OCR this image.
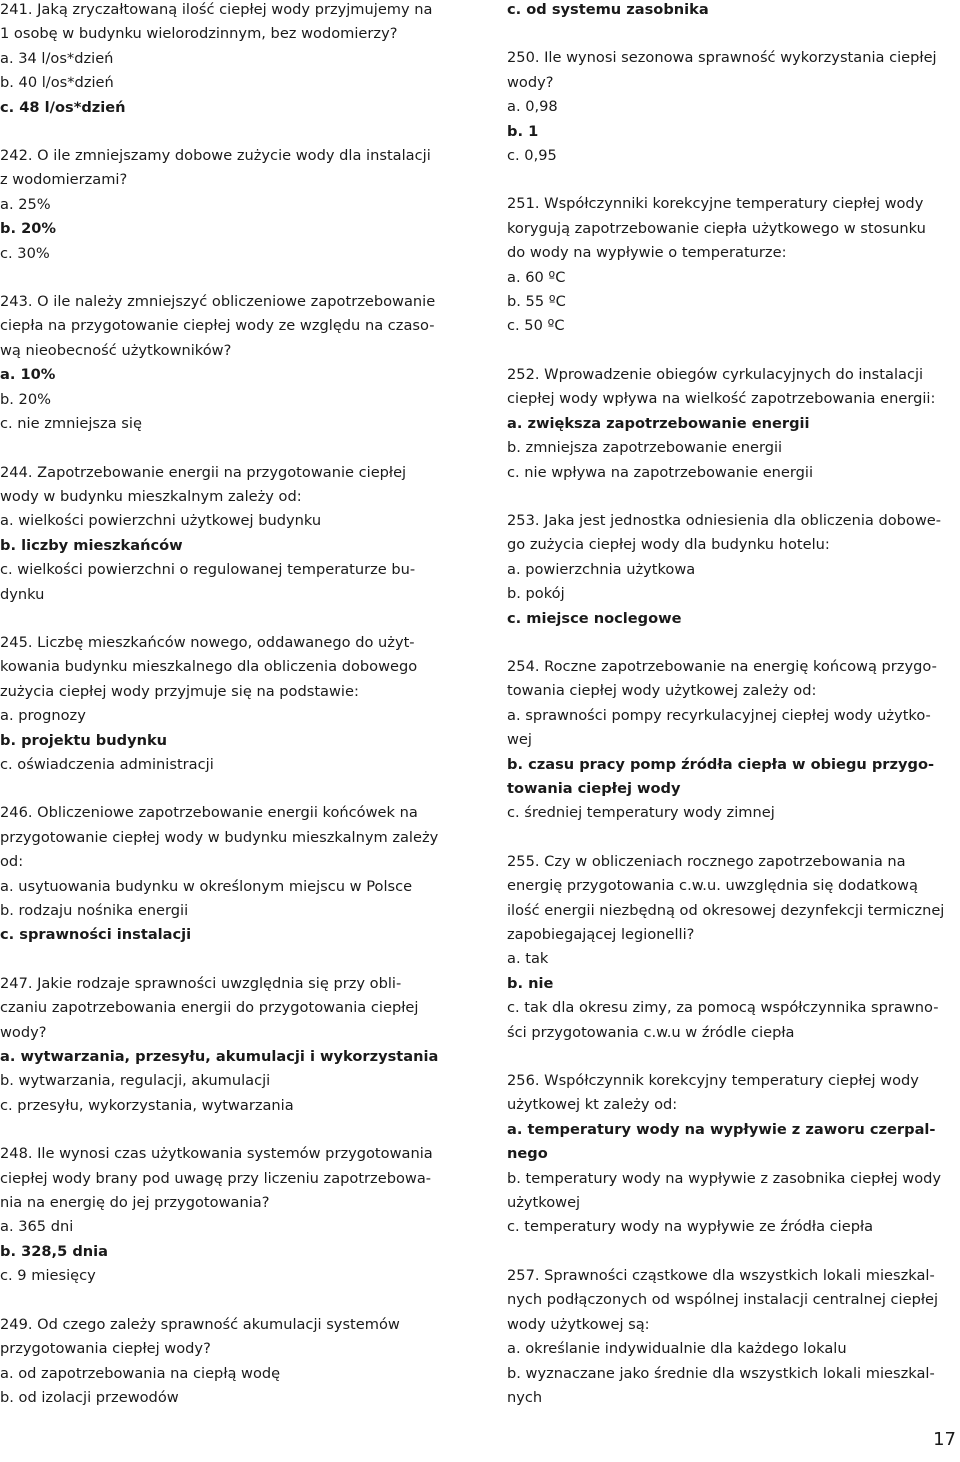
241. Jaką zryczałtowaną ilość ciepłej wody przyjmujemy na
1 osobę w budynku wielorodzinnym, bez wodomierzy?
a. 34 l/os*dzień
b. 40 l/os*dzień
c. 48 l/os*dzień
242. O ile zmniejszamy dobowe zużycie wody dla instalacji
z wodomierzami?
a. 25%
b. 20%
c. 30%
243. O ile należy zmniejszyć obliczeniowe zapotrzebowanie
ciepła na przygotowanie ciepłej wody ze względu na czaso-
wą nieobecność użytkowników?
a. 10%
b. 20%
c. nie zmniejsza się
244. Zapotrzebowanie energii na przygotowanie ciepłej
wody w budynku mieszkalnym zależy od:
a. wielkości powierzchni użytkowej budynku
b. liczby mieszkańców
c. wielkości powierzchni o regulowanej temperaturze bu-
dynku
245. Liczbę mieszkańców nowego, oddawanego do użyt-
kowania budynku mieszkalnego dla obliczenia dobowego
zużycia ciepłej wody przyjmuje się na podstawie:
a. prognozy
b. projektu budynku
c. oświadczenia administracji
246. Obliczeniowe zapotrzebowanie energii końcówek na
przygotowanie ciepłej wody w budynku mieszkalnym zależy
od:
a. usytuowania budynku w określonym miejscu w Polsce
b. rodzaju nośnika energii
c. sprawności instalacji
247. Jakie rodzaje sprawności uwzględnia się przy obli-
czaniu zapotrzebowania energii do przygotowania ciepłej
wody?
a. wytwarzania, przesyłu, akumulacji i wykorzystania
b. wytwarzania, regulacji, akumulacji
c. przesyłu, wykorzystania, wytwarzania
248. Ile wynosi czas użytkowania systemów przygotowania
ciepłej wody brany pod uwagę przy liczeniu zapotrzebowa-
nia na energię do jej przygotowania?
a. 365 dni
b. 328,5 dnia
c. 9 miesięcy
249. Od czego zależy sprawność akumulacji systemów
przygotowania ciepłej wody?
a. od zapotrzebowania na ciepłą wodę
b. od izolacji przewodów
c. od systemu zasobnika
250. Ile wynosi sezonowa sprawność wykorzystania ciepłej
wody?
a. 0,98
b. 1
c. 0,95
251. Współczynniki korekcyjne temperatury ciepłej wody
korygują zapotrzebowanie ciepła użytkowego w stosunku
do wody na wypływie o temperaturze:
a. 60 ºC
b. 55 ºC
c. 50 ºC
252. Wprowadzenie obiegów cyrkulacyjnych do instalacji
ciepłej wody wpływa na wielkość zapotrzebowania energii:
a. zwiększa zapotrzebowanie energii
b. zmniejsza zapotrzebowanie energii
c. nie wpływa na zapotrzebowanie energii
253. Jaka jest jednostka odniesienia dla obliczenia dobowe-
go zużycia ciepłej wody dla budynku hotelu:
a. powierzchnia użytkowa
b. pokój
c. miejsce noclegowe
254. Roczne zapotrzebowanie na energię końcową przygo-
towania ciepłej wody użytkowej zależy od:
a. sprawności pompy recyrkulacyjnej ciepłej wody użytko-
wej
b. czasu pracy pomp źródła ciepła w obiegu przygo-
towania ciepłej wody
c. średniej temperatury wody zimnej
255. Czy w obliczeniach rocznego zapotrzebowania na
energię przygotowania c.w.u. uwzględnia się dodatkową
ilość energii niezbędną od okresowej dezynfekcji termicznej
zapobiegającej legionelli?
a. tak
b. nie
c. tak dla okresu zimy, za pomocą współczynnika sprawno-
ści przygotowania c.w.u w źródle ciepła
256. Współczynnik korekcyjny temperatury ciepłej wody
użytkowej kt zależy od:
a. temperatury wody na wypływie z zaworu czerpal-
nego
b. temperatury wody na wypływie z zasobnika ciepłej wody
użytkowej
c. temperatury wody na wypływie ze źródła ciepła
257. Sprawności cząstkowe dla wszystkich lokali mieszkal-
nych podłączonych od wspólnej instalacji centralnej ciepłej
wody użytkowej są:
a. określanie indywidualnie dla każdego lokalu
b. wyznaczane jako średnie dla wszystkich lokali mieszkal-
nych
17
